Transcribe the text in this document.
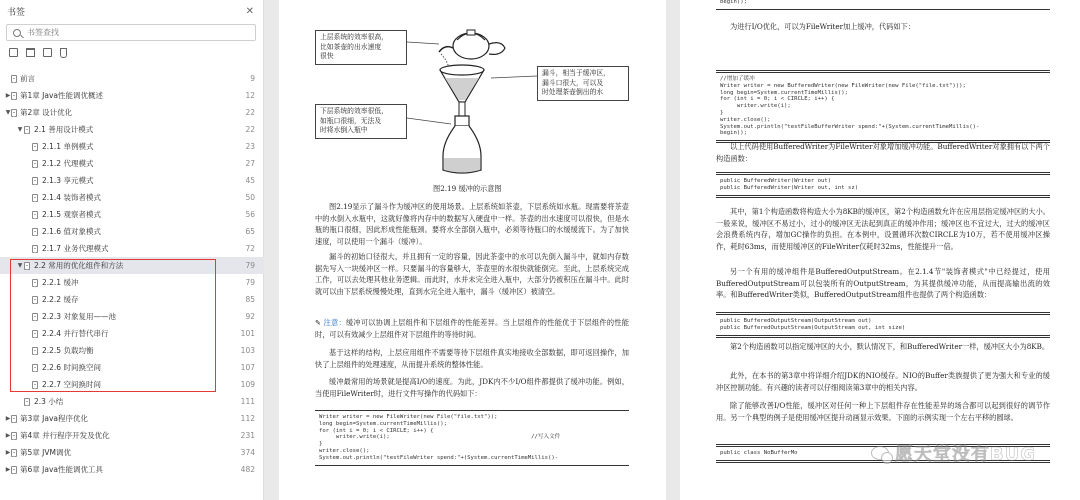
书签	✕
书签查找
前言	9
▶ 第1章 Java性能调优概述	12
▼ 第2章 设计优化	22
▼ 2.1 善用设计模式	22
2.1.1 单例模式	23
2.1.2 代理模式	27
2.1.3 享元模式	45
2.1.4 装饰者模式	50
2.1.5 观察者模式	56
2.1.6 值对象模式	65
2.1.7 业务代理模式	72
▼ 2.2 常用的优化组件和方法	79
2.2.1 缓冲	79
2.2.2 缓存	85
2.2.3 对象复用——池	92
2.2.4 并行替代串行	101
2.2.5 负载均衡	103
2.2.6 时间换空间	107
2.2.7 空间换时间	109
2.3 小结	111
▶ 第3章 Java程序优化	112
▶ 第4章 并行程序开发及优化	231
▶ 第5章 JVM调优	374
▶ 第6章 Java性能调优工具	482
上层系统的效率很高，
比如茶壶的出水速度
很快
漏斗，相当于缓冲区，
漏斗口很大，可以及
时处理茶壶倒出的水
下层系统的效率很低，
如瓶口很细，无法及
时将水倒入瓶中
图2.19 缓冲的示意图

图2.19显示了漏斗作为缓冲区的使用场景。上层系统如茶壶，下层系统如水瓶。现需要将茶壶中的水倒入水瓶中，这就好像将内存中的数据写入硬盘中一样。茶壶的出水速度可以很快，但是水瓶的瓶口很细，因此形成性能瓶颈。要将水全部倒入瓶中，必须等待瓶口的水缓缓流下。为了加快速度，可以使用一个漏斗（缓冲）。

漏斗的初始口径很大，并且拥有一定的容量，因此茶壶中的水可以先倒入漏斗中，就如内存数据先写入一块缓冲区一样。只要漏斗的容量够大，茶壶里的水很快就能倒完。至此，上层系统完成工作，可以去处理其他业务逻辑。而此时，水并未完全进入瓶中，大部分仍被积压在漏斗中。此时就可以由下层系统慢慢处理，直到水完全进入瓶中，漏斗（缓冲区）被清空。

✎ 注意：缓冲可以协调上层组件和下层组件的性能差异。当上层组件的性能优于下层组件的性能时，可以有效减少上层组件对下层组件的等待时间。

基于这样的结构，上层应用组件不需要等待下层组件真实地接收全部数据，即可返回操作，加快了上层组件的处理速度，从而提升系统的整体性能。

缓冲最常用的场景就是提高I/O的速度。为此，JDK内不少I/O组件都提供了缓冲功能。例如，当使用FileWriter时，进行文件写操作的代码如下：

Writer writer = new FileWriter(new File("file.txt"));
long begin=System.currentTimeMillis();
for (int i = 0; i < CIRCLE; i++) {
writer.write(i);                                          //写入文件
}
writer.close();
System.out.println("testFileWriter spend:"+(System.currentTimeMillis()-
begin));

为进行I/O优化，可以为FileWriter加上缓冲，代码如下：

//增加了缓冲
Writer writer = new BufferedWriter(new FileWriter(new File("file.txt")));
long begin=System.currentTimeMillis();
for (int i = 0; i < CIRCLE; i++) {
writer.write(i);
}
writer.close();
System.out.println("testFileBufferWriter spend:"+(System.currentTimeMillis()-
begin));

以上代码使用BufferedWriter为FileWriter对象增加缓冲功能。BufferedWriter对象拥有以下两个构造函数：

public BufferedWriter(Writer out)
public BufferedWriter(Writer out, int sz)

其中，第1个构造函数将构造大小为8KB的缓冲区，第2个构造函数允许在应用层指定缓冲区的大小。一般来说，缓冲区不易过小，过小的缓冲区无法起到真正的缓冲作用；缓冲区也不宜过大，过大的缓冲区会浪费系统内存，增加GC操作的负担。在本例中，设置循环次数CIRCLE为10万，若不使用缓冲区操作，耗时63ms，而使用缓冲区的FileWriter仅耗时32ms，性能提升一倍。

另一个有用的缓冲组件是BufferedOutputStream。在2.1.4节"装饰者模式"中已经提过，使用BufferedOutputStream可以包装所有的OutputStream，为其提供缓冲功能，从而提高输出流的效率。和BufferedWriter类似，BufferedOutputStream组件也提供了两个构造函数：

public BufferedOutputStream(OutputStream out)
public BufferedOutputStream(OutputStream out, int size)

第2个构造函数可以指定缓冲区的大小，默认情况下，和BufferedWriter一样，缓冲区大小为8KB。

此外，在本书的第3章中将详细介绍JDK的NIO缓存。NIO的Buffer类族提供了更为强大和专业的缓冲区控制功能。有兴趣的读者可以仔细阅读第3章中的相关内容。

除了能够改善I/O性能，缓冲区对任何一种上下层组件存在性能差异的场合都可以起到很好的调节作用。另一个典型的例子是使用缓冲区提升动画显示效果。下面的示例实现一个左右平移的圆球。

public class NoBufferMo	愿天堂没有BUG
